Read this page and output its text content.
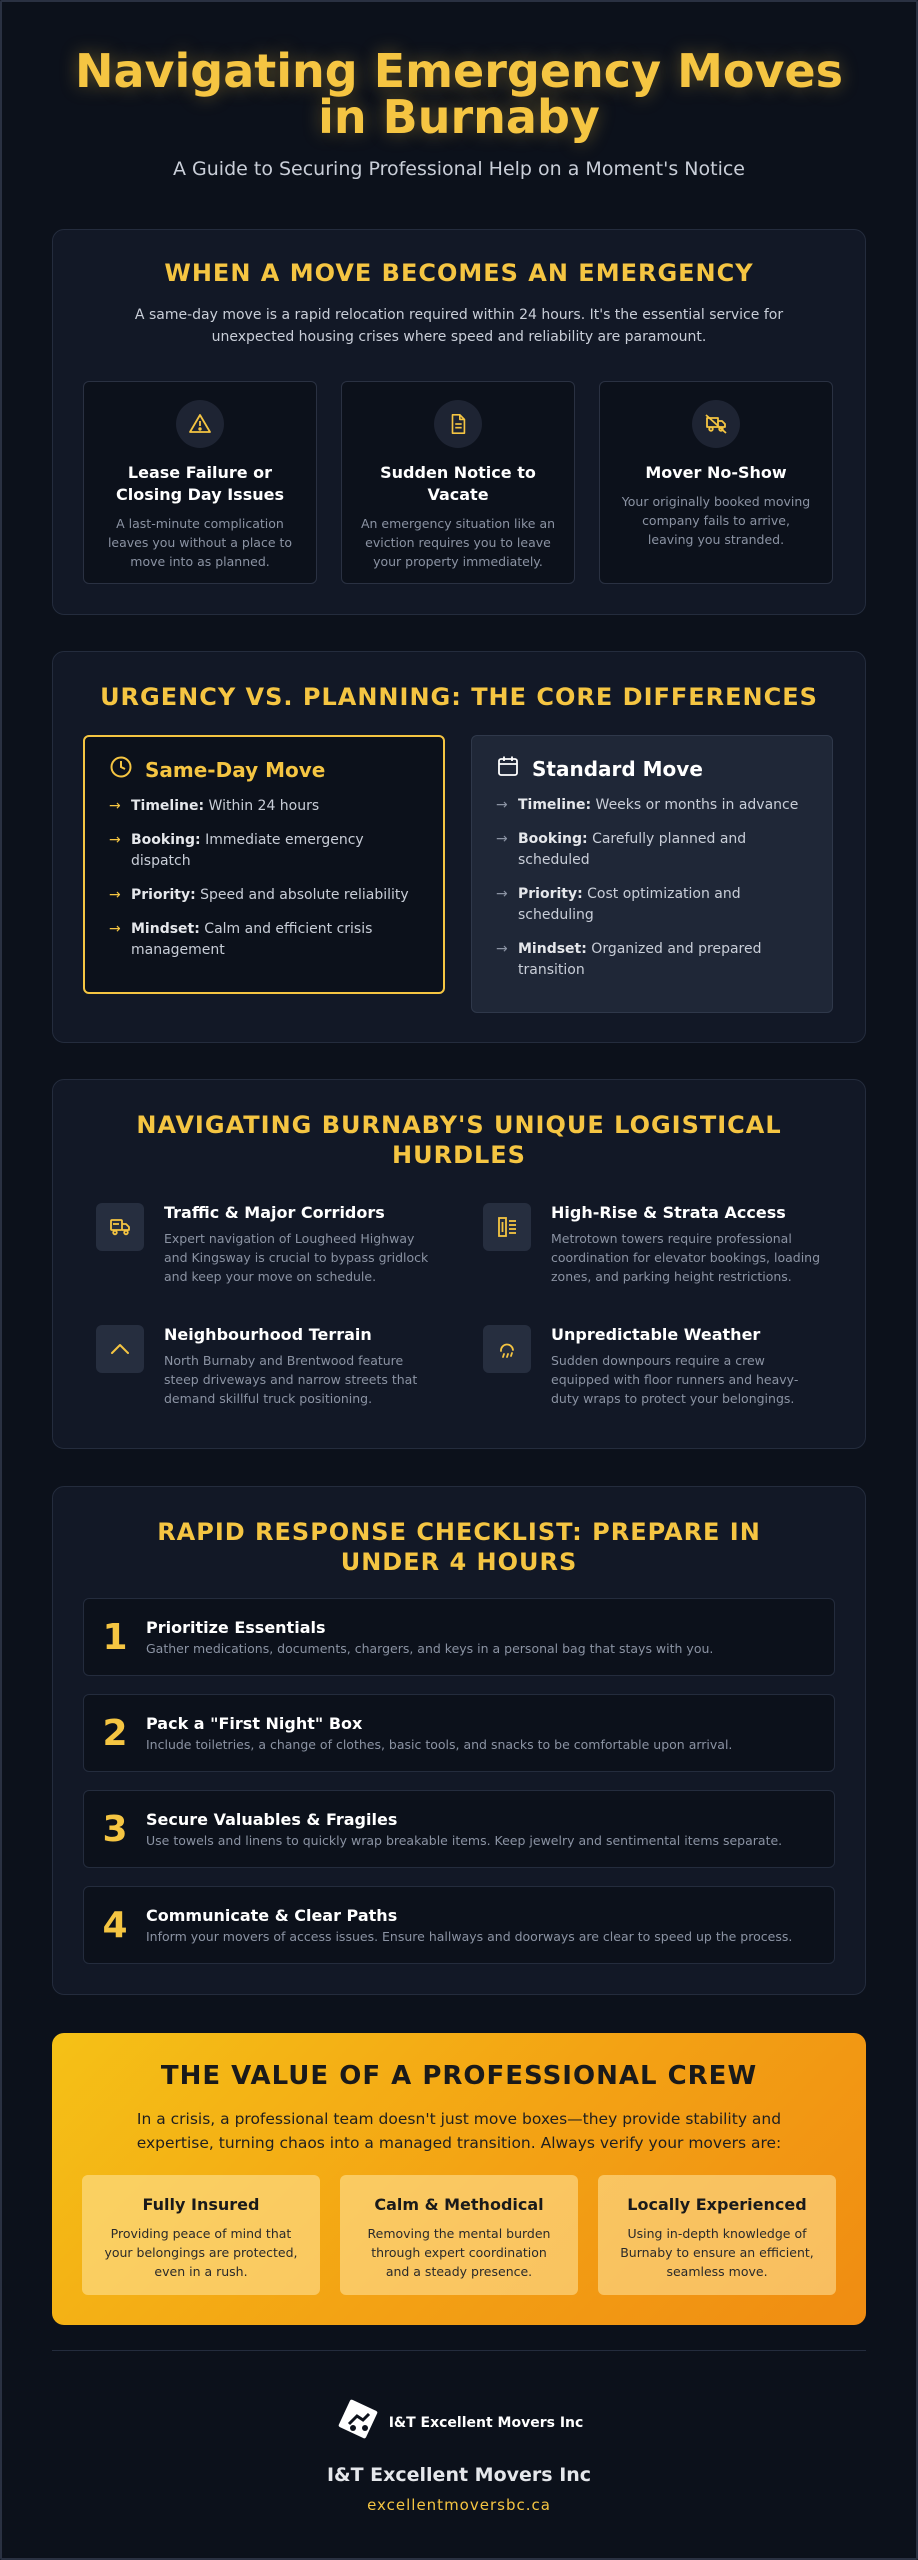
Navigating Emergency Moves
in Burnaby
A Guide to Securing Professional Help on a Moment's Notice
WHEN A MOVE BECOMES AN EMERGENCY

A same-day move is a rapid relocation required within 24 hours. It's the essential service for unexpected housing crises where speed and reliability are paramount.

Lease Failure or Closing Day Issues

A last-minute complication leaves you without a place to move into as planned.

Sudden Notice to Vacate

An emergency situation like an eviction requires you to leave your property immediately.

Mover No-Show

Your originally booked moving company fails to arrive, leaving you stranded.

URGENCY VS. PLANNING: THE CORE DIFFERENCES
Same-Day Move
→ Timeline: Within 24 hours
→ Booking: Immediate emergency dispatch
→ Priority: Speed and absolute reliability
→ Mindset: Calm and efficient crisis management
Standard Move
→ Timeline: Weeks or months in advance
→ Booking: Carefully planned and scheduled
→ Priority: Cost optimization and scheduling
→ Mindset: Organized and prepared transition
NAVIGATING BURNABY'S UNIQUE LOGISTICAL HURDLES
Traffic & Major Corridors

Expert navigation of Lougheed Highway and Kingsway is crucial to bypass gridlock and keep your move on schedule.

High-Rise & Strata Access

Metrotown towers require professional coordination for elevator bookings, loading zones, and parking height restrictions.

Neighbourhood Terrain

North Burnaby and Brentwood feature steep driveways and narrow streets that demand skillful truck positioning.

Unpredictable Weather

Sudden downpours require a crew equipped with floor runners and heavy-duty wraps to protect your belongings.

RAPID RESPONSE CHECKLIST: PREPARE IN UNDER 4 HOURS
1	Prioritize Essentials

Gather medications, documents, chargers, and keys in a personal bag that stays with you.

2	Pack a "First Night" Box

Include toiletries, a change of clothes, basic tools, and snacks to be comfortable upon arrival.

3	Secure Valuables & Fragiles

Use towels and linens to quickly wrap breakable items. Keep jewelry and sentimental items separate.

4	Communicate & Clear Paths

Inform your movers of access issues. Ensure hallways and doorways are clear to speed up the process.

THE VALUE OF A PROFESSIONAL CREW

In a crisis, a professional team doesn't just move boxes—they provide stability and expertise, turning chaos into a managed transition. Always verify your movers are:

Fully Insured

Providing peace of mind that your belongings are protected, even in a rush.

Calm & Methodical

Removing the mental burden through expert coordination and a steady presence.

Locally Experienced

Using in-depth knowledge of Burnaby to ensure an efficient, seamless move.

I&T Excellent Movers Inc
I&T Excellent Movers Inc
excellentmoversbc.ca
